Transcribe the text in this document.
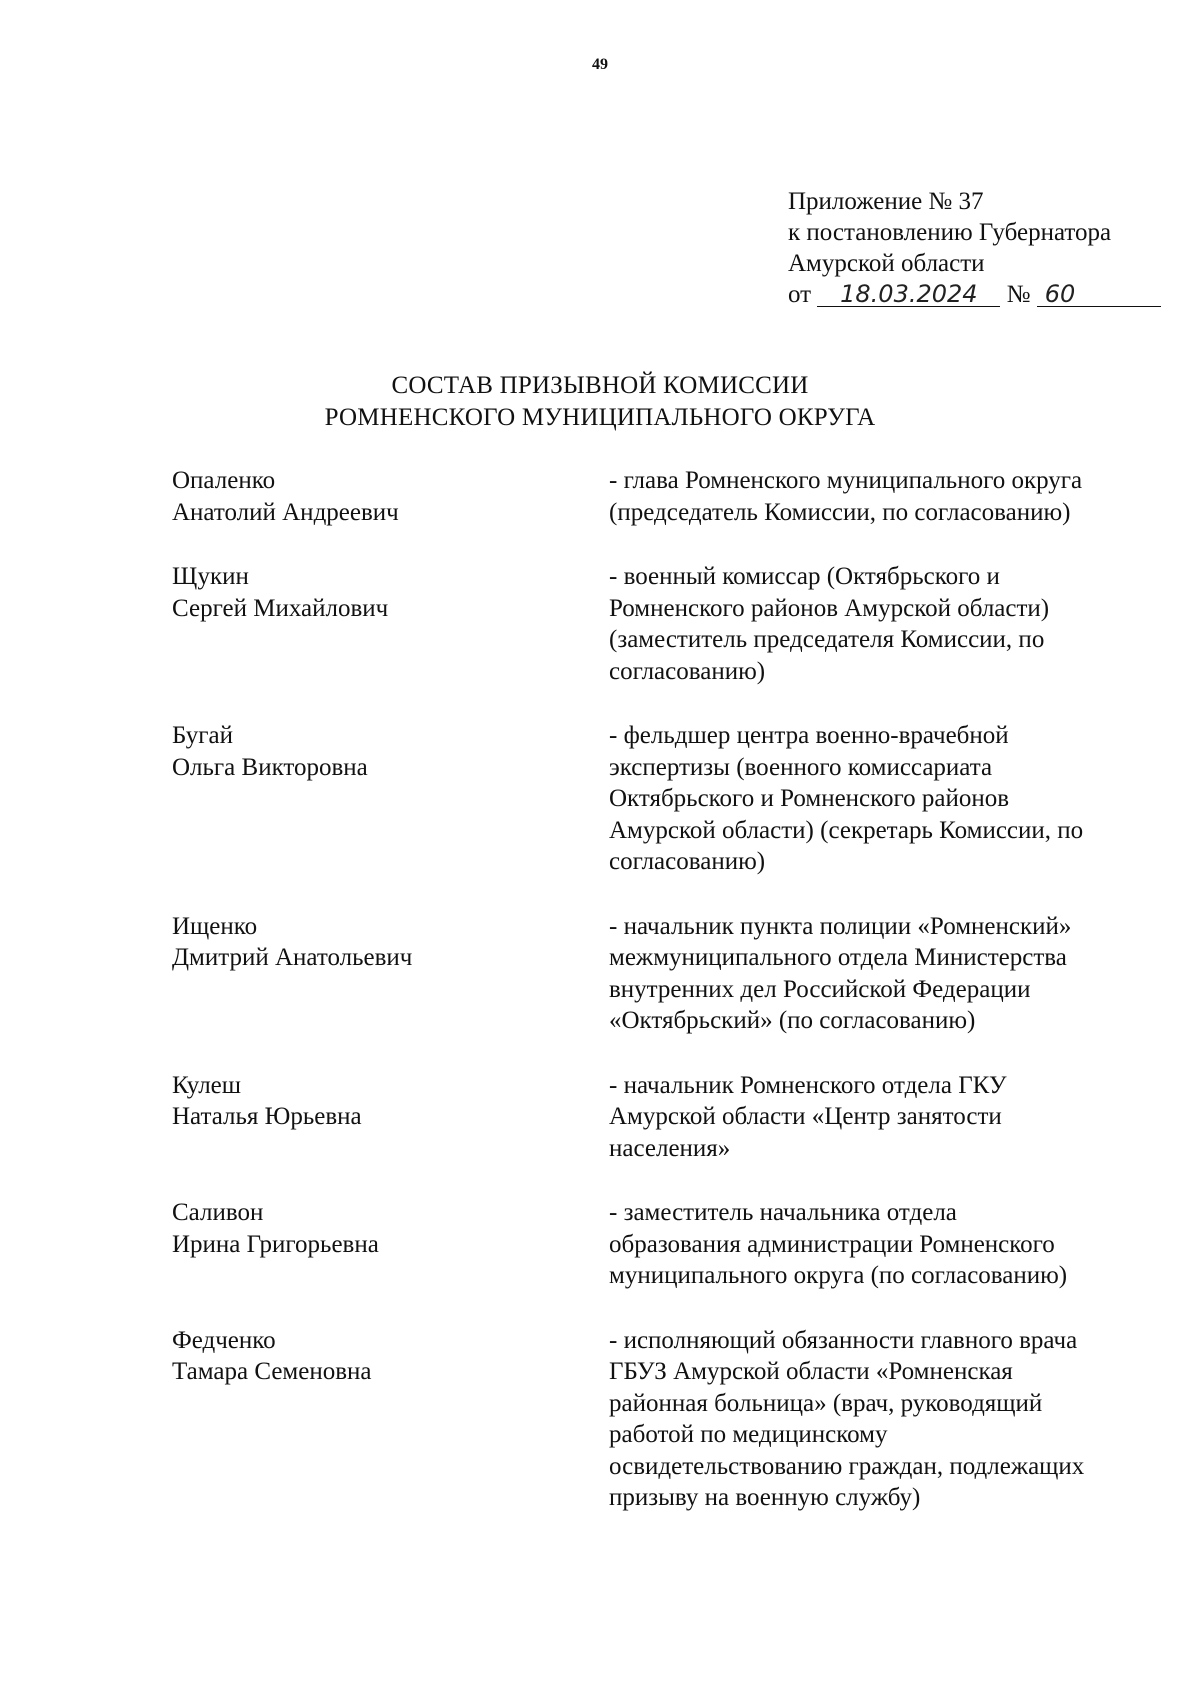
49
Приложение № 37
к постановлению Губернатора
Амурской области
от 18.03.2024 № 60
СОСТАВ ПРИЗЫВНОЙ КОМИССИИ
РОМНЕНСКОГО МУНИЦИПАЛЬНОГО ОКРУГА
Опаленко
Анатолий Андреевич
- глава Ромненского муниципального округа
(председатель Комиссии, по согласованию)
Щукин
Сергей Михайлович
- военный комиссар (Октябрьского и
Ромненского районов Амурской области)
(заместитель председателя Комиссии, по
согласованию)
Бугай
Ольга Викторовна
- фельдшер центра военно-врачебной
экспертизы (военного комиссариата
Октябрьского и Ромненского районов
Амурской области) (секретарь Комиссии, по
согласованию)
Ищенко
Дмитрий Анатольевич
- начальник пункта полиции «Ромненский»
межмуниципального отдела Министерства
внутренних дел Российской Федерации
«Октябрьский» (по согласованию)
Кулеш
Наталья Юрьевна
- начальник Ромненского отдела ГКУ
Амурской области «Центр занятости
населения»
Саливон
Ирина Григорьевна
- заместитель начальника отдела
образования администрации Ромненского
муниципального округа (по согласованию)
Федченко
Тамара Семеновна
- исполняющий обязанности главного врача
ГБУЗ Амурской области «Ромненская
районная больница» (врач, руководящий
работой по медицинскому
освидетельствованию граждан, подлежащих
призыву на военную службу)
